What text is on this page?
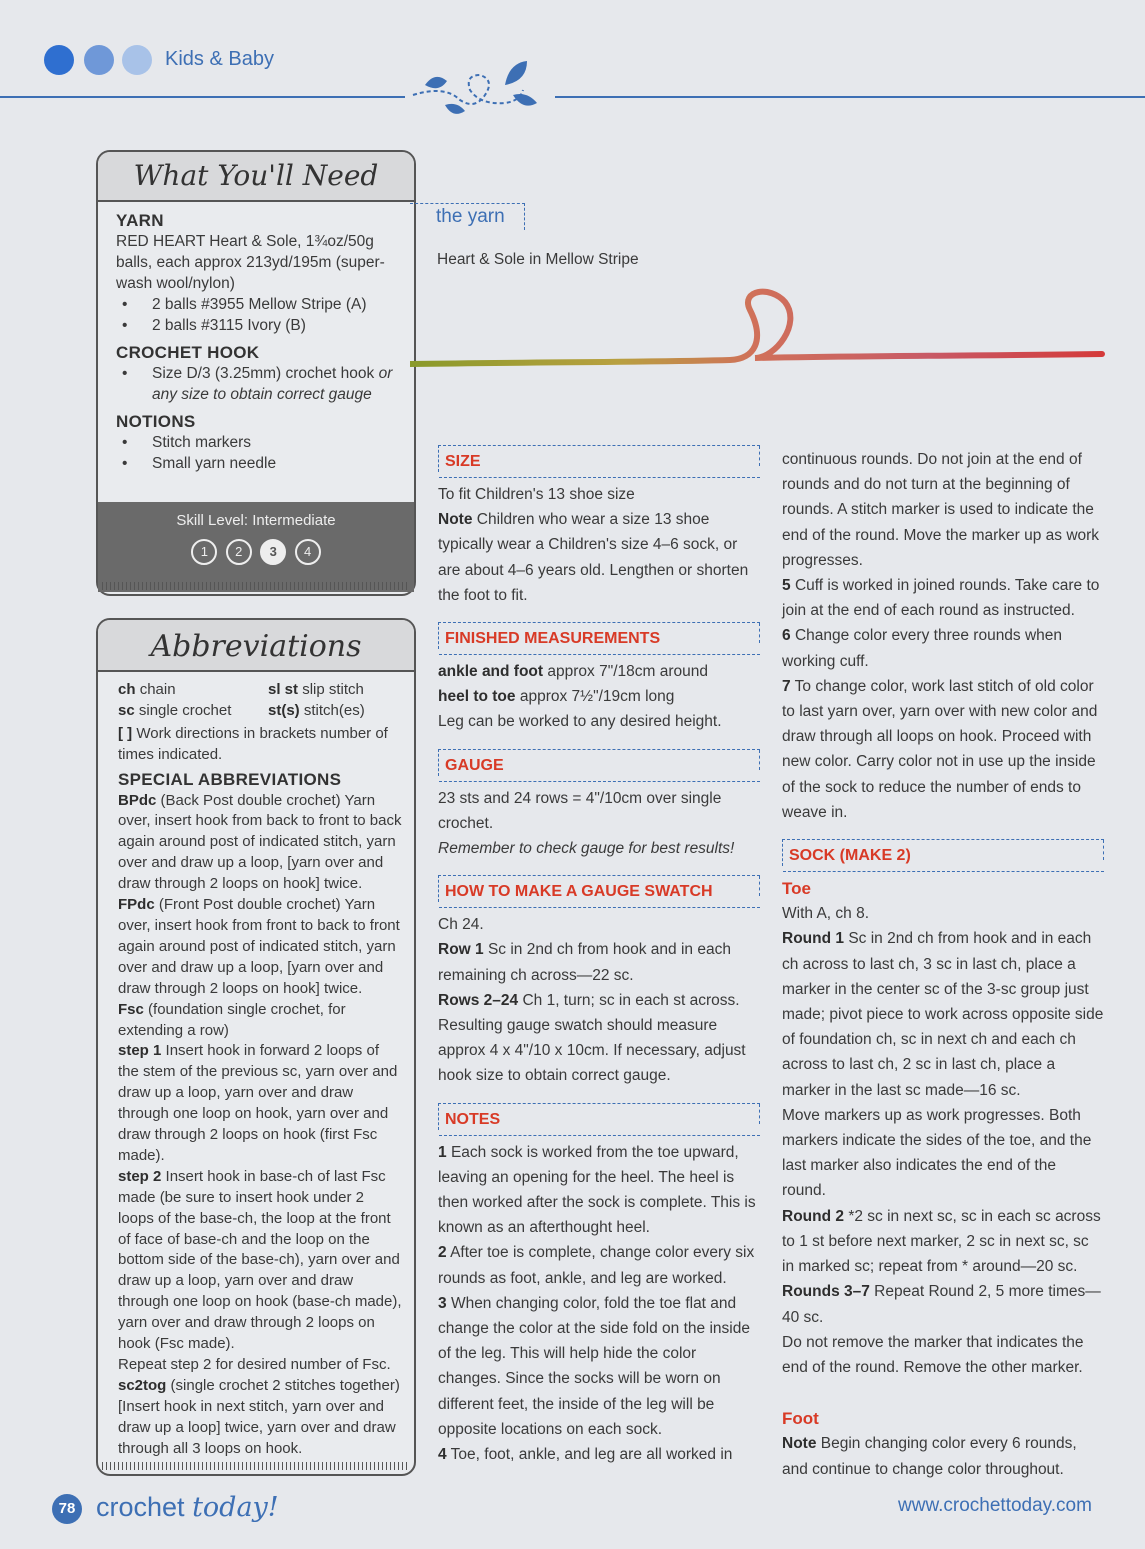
Kids & Baby
What You'll Need
YARN
RED HEART Heart & Sole, 1¾oz/50g balls, each approx 213yd/195m (super-wash wool/nylon)
• 2 balls #3955 Mellow Stripe (A)
• 2 balls #3115 Ivory (B)
CROCHET HOOK
• Size D/3 (3.25mm) crochet hook or any size to obtain correct gauge
NOTIONS
• Stitch markers
• Small yarn needle
Skill Level: Intermediate
1 2 3 4
Abbreviations
ch chain	sl st slip stitch
sc single crochet	st(s) stitch(es)
[ ] Work directions in brackets number of times indicated.
SPECIAL ABBREVIATIONS
BPdc (Back Post double crochet) Yarn over, insert hook from back to front to back again around post of indicated stitch, yarn over and draw up a loop, [yarn over and draw through 2 loops on hook] twice.
FPdc (Front Post double crochet) Yarn over, insert hook from front to back to front again around post of indicated stitch, yarn over and draw up a loop, [yarn over and draw through 2 loops on hook] twice.
Fsc (foundation single crochet, for extending a row)
step 1 Insert hook in forward 2 loops of the stem of the previous sc, yarn over and draw up a loop, yarn over and draw through one loop on hook, yarn over and draw through 2 loops on hook (first Fsc made).
step 2 Insert hook in base-ch of last Fsc made (be sure to insert hook under 2 loops of the base-ch, the loop at the front of face of base-ch and the loop on the bottom side of the base-ch), yarn over and draw up a loop, yarn over and draw through one loop on hook (base-ch made), yarn over and draw through 2 loops on hook (Fsc made).
Repeat step 2 for desired number of Fsc.
sc2tog (single crochet 2 stitches together) [Insert hook in next stitch, yarn over and draw up a loop] twice, yarn over and draw through all 3 loops on hook.
the yarn
Heart & Sole in Mellow Stripe
SIZE

To fit Children's 13 shoe size

Note Children who wear a size 13 shoe typically wear a Children's size 4–6 sock, or are about 4–6 years old. Lengthen or shorten the foot to fit.

FINISHED MEASUREMENTS

ankle and foot approx 7"/18cm around

heel to toe approx 7½"/19cm long

Leg can be worked to any desired height.

GAUGE

23 sts and 24 rows = 4"/10cm over single crochet.

Remember to check gauge for best results!

HOW TO MAKE A GAUGE SWATCH

Ch 24.

Row 1 Sc in 2nd ch from hook and in each remaining ch across—22 sc.

Rows 2–24 Ch 1, turn; sc in each st across. Resulting gauge swatch should measure approx 4 x 4"/10 x 10cm. If necessary, adjust hook size to obtain correct gauge.

NOTES

1 Each sock is worked from the toe upward, leaving an opening for the heel. The heel is then worked after the sock is complete. This is known as an afterthought heel.

2 After toe is complete, change color every six rounds as foot, ankle, and leg are worked.

3 When changing color, fold the toe flat and change the color at the side fold on the inside of the leg. This will help hide the color changes. Since the socks will be worn on different feet, the inside of the leg will be opposite locations on each sock.

4 Toe, foot, ankle, and leg are all worked in

continuous rounds. Do not join at the end of rounds and do not turn at the beginning of rounds. A stitch marker is used to indicate the end of the round. Move the marker up as work progresses.

5 Cuff is worked in joined rounds. Take care to join at the end of each round as instructed.

6 Change color every three rounds when working cuff.

7 To change color, work last stitch of old color to last yarn over, yarn over with new color and draw through all loops on hook. Proceed with new color. Carry color not in use up the inside of the sock to reduce the number of ends to weave in.

SOCK (MAKE 2)

Toe

With A, ch 8.

Round 1 Sc in 2nd ch from hook and in each ch across to last ch, 3 sc in last ch, place a marker in the center sc of the 3-sc group just made; pivot piece to work across opposite side of foundation ch, sc in next ch and each ch across to last ch, 2 sc in last ch, place a marker in the last sc made—16 sc.

Move markers up as work progresses. Both markers indicate the sides of the toe, and the last marker also indicates the end of the round.

Round 2 *2 sc in next sc, sc in each sc across to 1 st before next marker, 2 sc in next sc, sc in marked sc; repeat from * around—20 sc.

Rounds 3–7 Repeat Round 2, 5 more times—40 sc.

Do not remove the marker that indicates the end of the round. Remove the other marker.

Foot

Note Begin changing color every 6 rounds, and continue to change color throughout.

78 crochet today!	www.crochettoday.com
